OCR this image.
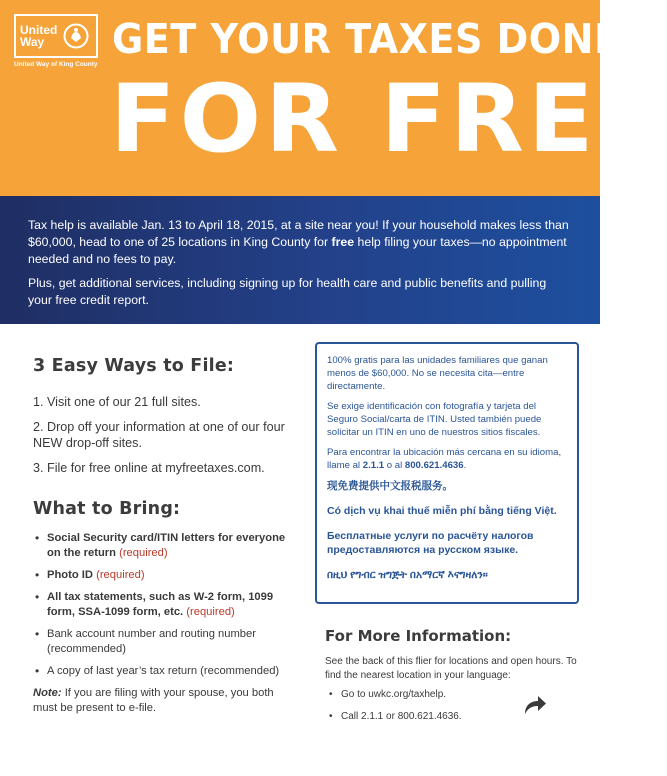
United
Way
United Way of King County
GET YOUR TAXES DONE
FOR FREE

Tax help is available Jan. 13 to April 18, 2015, at a site near you! If your household makes less than $60,000, head to one of 25 locations in King County for free help filing your taxes—no appointment needed and no fees to pay.

Plus, get additional services, including signing up for health care and public benefits and pulling your free credit report.

3 Easy Ways to File:
1. Visit one of our 21 full sites.
2. Drop off your information at one of our four NEW drop-off sites.
3. File for free online at myfreetaxes.com.
What to Bring:
• Social Security card/ITIN letters for everyone on the return (required)
• Photo ID (required)
• All tax statements, such as W-2 form, 1099 form, SSA-1099 form, etc. (required)
• Bank account number and routing number (recommended)
• A copy of last year’s tax return (recommended)
Note: If you are filing with your spouse, you both must be present to e-file.

100% gratis para las unidades familiares que ganan menos de $60,000. No se necesita cita—entre directamente.

Se exige identificación con fotografía y tarjeta del Seguro Social/carta de ITIN. Usted también puede solicitar un ITIN en uno de nuestros sitios fiscales.

Para encontrar la ubicación más cercana en su idioma, llame al 2.1.1 o al 800.621.4636.

现免费提供中文报税服务。
Có dịch vụ khai thuế miễn phí bằng tiếng Việt.
Бесплатные услуги по расчёту налогов предоставляются на русском языке.
በዚህ የግብር ዝግጅት በአማርኛ እናግዛለን።
For More Information:
See the back of this flier for locations and open hours. To find the nearest location in your language:
• Go to uwkc.org/taxhelp.
• Call 2.1.1 or 800.621.4636.
